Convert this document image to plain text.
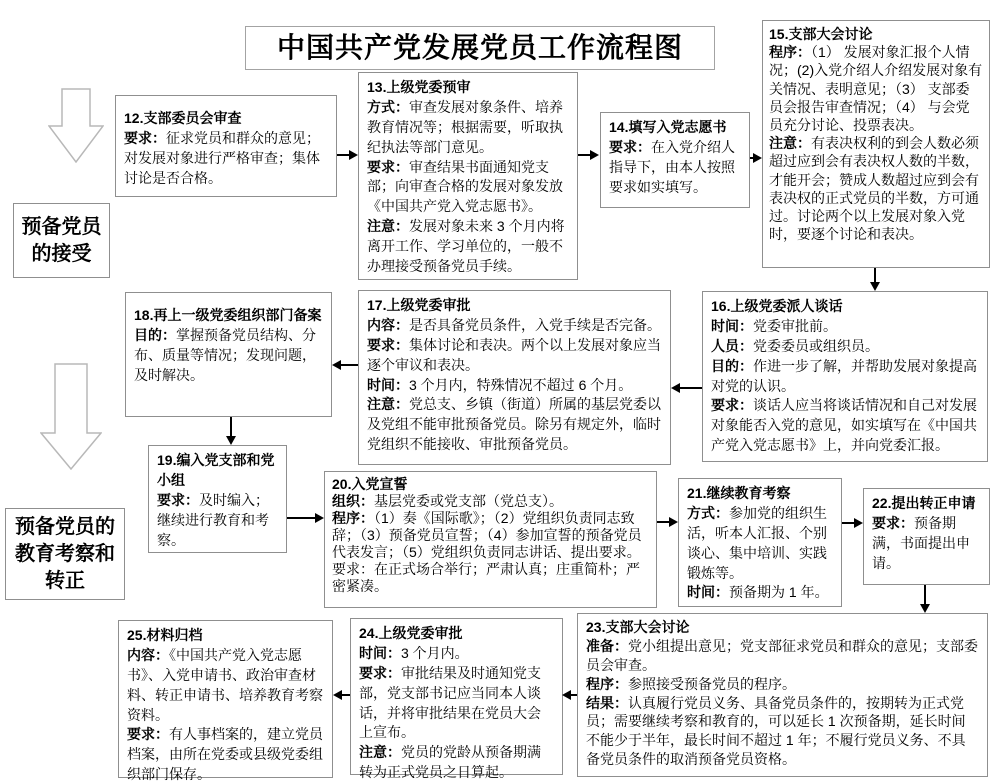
中国共产党发展党员工作流程图
预备党员
的接受
预备党员的
教育考察和
转正
12.支部委员会审查

要求：征求党员和群众的意见；对发展对象进行严格审查；集体讨论是否合格。

13.上级党委预审

方式：审查发展对象条件、培养教育情况等；根据需要，听取执纪执法等部门意见。

要求：审查结果书面通知党支部；向审查合格的发展对象发放《中国共产党入党志愿书》。

注意：发展对象未来 3 个月内将离开工作、学习单位的，一般不办理接受预备党员手续。

14.填写入党志愿书

要求：在入党介绍人指导下，由本人按照要求如实填写。

15.支部大会讨论

程序：（1） 发展对象汇报个人情况；(2)入党介绍人介绍发展对象有关情况、表明意见；（3） 支部委员会报告审查情况；（4） 与会党员充分讨论、投票表决。

注意：有表决权利的到会人数必须超过应到会有表决权人数的半数，才能开会；赞成人数超过应到会有表决权的正式党员的半数，方可通过。讨论两个以上发展对象入党时，要逐个讨论和表决。

16.上级党委派人谈话

时间：党委审批前。

人员：党委委员或组织员。

目的：作进一步了解，并帮助发展对象提高对党的认识。

要求：谈话人应当将谈话情况和自己对发展对象能否入党的意见，如实填写在《中国共产党入党志愿书》上，并向党委汇报。

17.上级党委审批

内容：是否具备党员条件，入党手续是否完备。

要求：集体讨论和表决。两个以上发展对象应当逐个审议和表决。

时间：3 个月内，特殊情况不超过 6 个月。

注意：党总支、乡镇（街道）所属的基层党委以及党组不能审批预备党员。除另有规定外，临时党组织不能接收、审批预备党员。

18.再上一级党委组织部门备案

目的：掌握预备党员结构、分布、质量等情况；发现问题，及时解决。

19.编入党支部和党小组

要求：及时编入；继续进行教育和考察。

20.入党宣誓

组织：基层党委或党支部（党总支）。

程序：（1）奏《国际歌》；（2）党组织负责同志致辞；（3）预备党员宣誓；（4）参加宣誓的预备党员代表发言；（5）党组织负责同志讲话、提出要求。

要求：在正式场合举行；严肃认真；庄重简朴；严密紧凑。

21.继续教育考察

方式：参加党的组织生活，听本人汇报、个别谈心、集中培训、实践锻炼等。

时间：预备期为 1 年。

22.提出转正申请

要求：预备期满，书面提出申请。

23.支部大会讨论

准备：党小组提出意见；党支部征求党员和群众的意见；支部委员会审查。

程序：参照接受预备党员的程序。

结果：认真履行党员义务、具备党员条件的，按期转为正式党员；需要继续考察和教育的，可以延长 1 次预备期，延长时间不能少于半年，最长时间不超过 1 年；不履行党员义务、不具备党员条件的取消预备党员资格。

24.上级党委审批

时间：3 个月内。

要求：审批结果及时通知党支部，党支部书记应当同本人谈话，并将审批结果在党员大会上宣布。

注意：党员的党龄从预备期满转为正式党员之日算起。

25.材料归档

内容：《中国共产党入党志愿书》、入党申请书、政治审查材料、转正申请书、培养教育考察资料。

要求：有人事档案的，建立党员档案，由所在党委或县级党委组织部门保存。
